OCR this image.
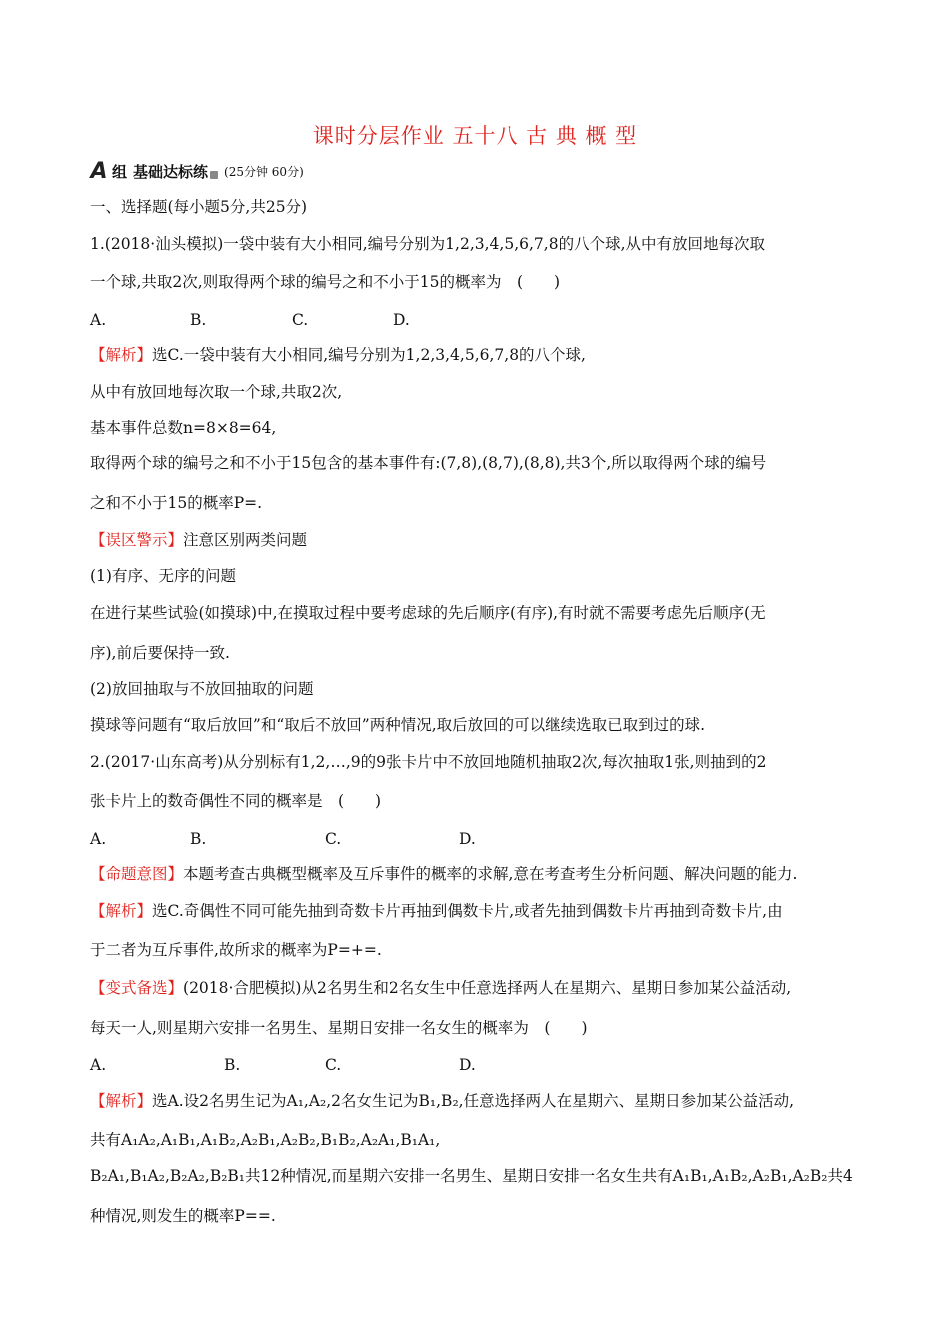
课时分层作业 五十八 古 典 概 型
A 组 基础达标练 (25分钟 60分)
一、选择题(每小题5分,共25分)
1.(2018·汕头模拟)一袋中装有大小相同,编号分别为1,2,3,4,5,6,7,8的八个球,从中有放回地每次取
一个球,共取2次,则取得两个球的编号之和不小于15的概率为　(　　)
A.	B.	C.	D.
【解析】选C.一袋中装有大小相同,编号分别为1,2,3,4,5,6,7,8的八个球,
从中有放回地每次取一个球,共取2次,
基本事件总数n=8×8=64,
取得两个球的编号之和不小于15包含的基本事件有:(7,8),(8,7),(8,8),共3个,所以取得两个球的编号
之和不小于15的概率P=.
【误区警示】注意区别两类问题
(1)有序、无序的问题
在进行某些试验(如摸球)中,在摸取过程中要考虑球的先后顺序(有序),有时就不需要考虑先后顺序(无
序),前后要保持一致.
(2)放回抽取与不放回抽取的问题
摸球等问题有“取后放回”和“取后不放回”两种情况,取后放回的可以继续选取已取到过的球.
2.(2017·山东高考)从分别标有1,2,…,9的9张卡片中不放回地随机抽取2次,每次抽取1张,则抽到的2
张卡片上的数奇偶性不同的概率是　(　　)
A.	B.	C.	D.
【命题意图】本题考查古典概型概率及互斥事件的概率的求解,意在考查考生分析问题、解决问题的能力.
【解析】选C.奇偶性不同可能先抽到奇数卡片再抽到偶数卡片,或者先抽到偶数卡片再抽到奇数卡片,由
于二者为互斥事件,故所求的概率为P=+=.
【变式备选】(2018·合肥模拟)从2名男生和2名女生中任意选择两人在星期六、星期日参加某公益活动,
每天一人,则星期六安排一名男生、星期日安排一名女生的概率为　(　　)
A.	B.	C.	D.
【解析】选A.设2名男生记为A₁,A₂,2名女生记为B₁,B₂,任意选择两人在星期六、星期日参加某公益活动,
共有A₁A₂,A₁B₁,A₁B₂,A₂B₁,A₂B₂,B₁B₂,A₂A₁,B₁A₁,
B₂A₁,B₁A₂,B₂A₂,B₂B₁共12种情况,而星期六安排一名男生、星期日安排一名女生共有A₁B₁,A₁B₂,A₂B₁,A₂B₂共4
种情况,则发生的概率P==.
